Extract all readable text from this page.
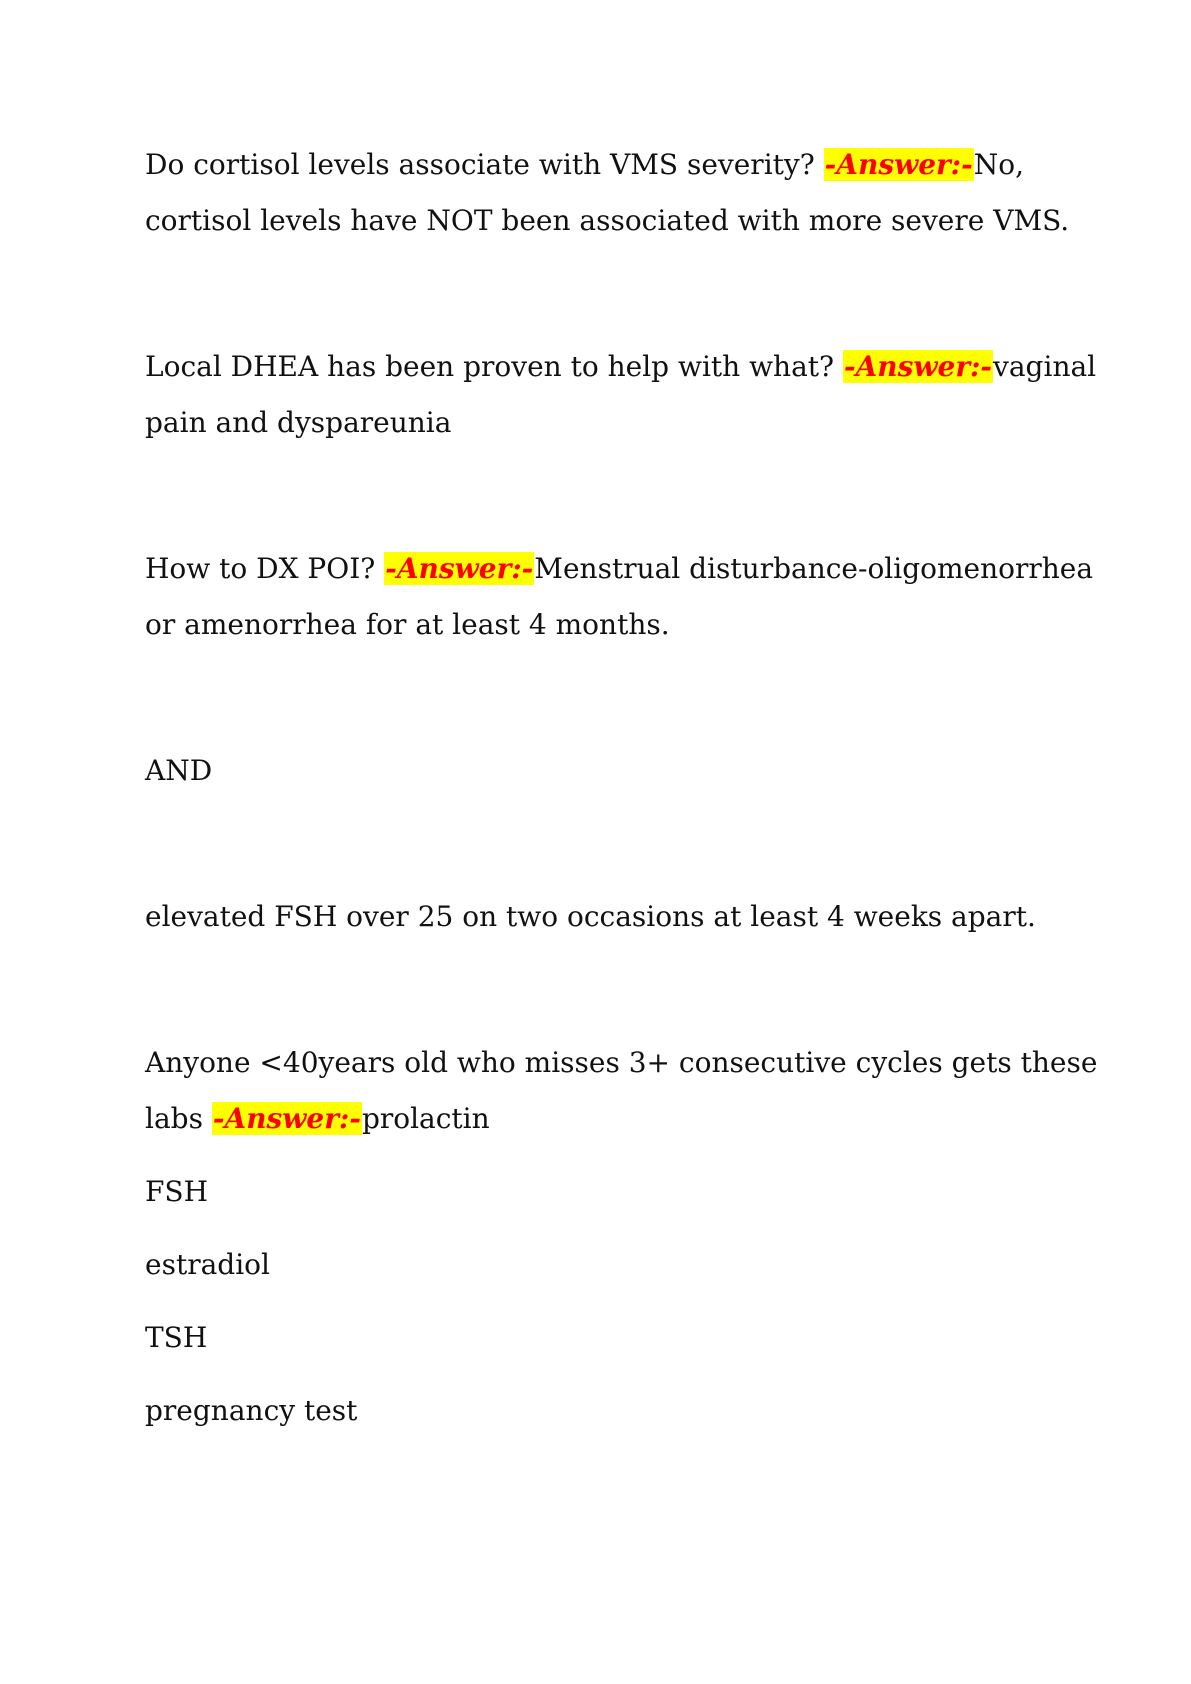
Do cortisol levels associate with VMS severity? -Answer:-No,
cortisol levels have NOT been associated with more severe VMS.
Local DHEA has been proven to help with what? -Answer:-vaginal
pain and dyspareunia
How to DX POI? -Answer:-Menstrual disturbance-oligomenorrhea
or amenorrhea for at least 4 months.
AND
elevated FSH over 25 on two occasions at least 4 weeks apart.
Anyone <40years old who misses 3+ consecutive cycles gets these
labs -Answer:-prolactin
FSH
estradiol
TSH
pregnancy test
